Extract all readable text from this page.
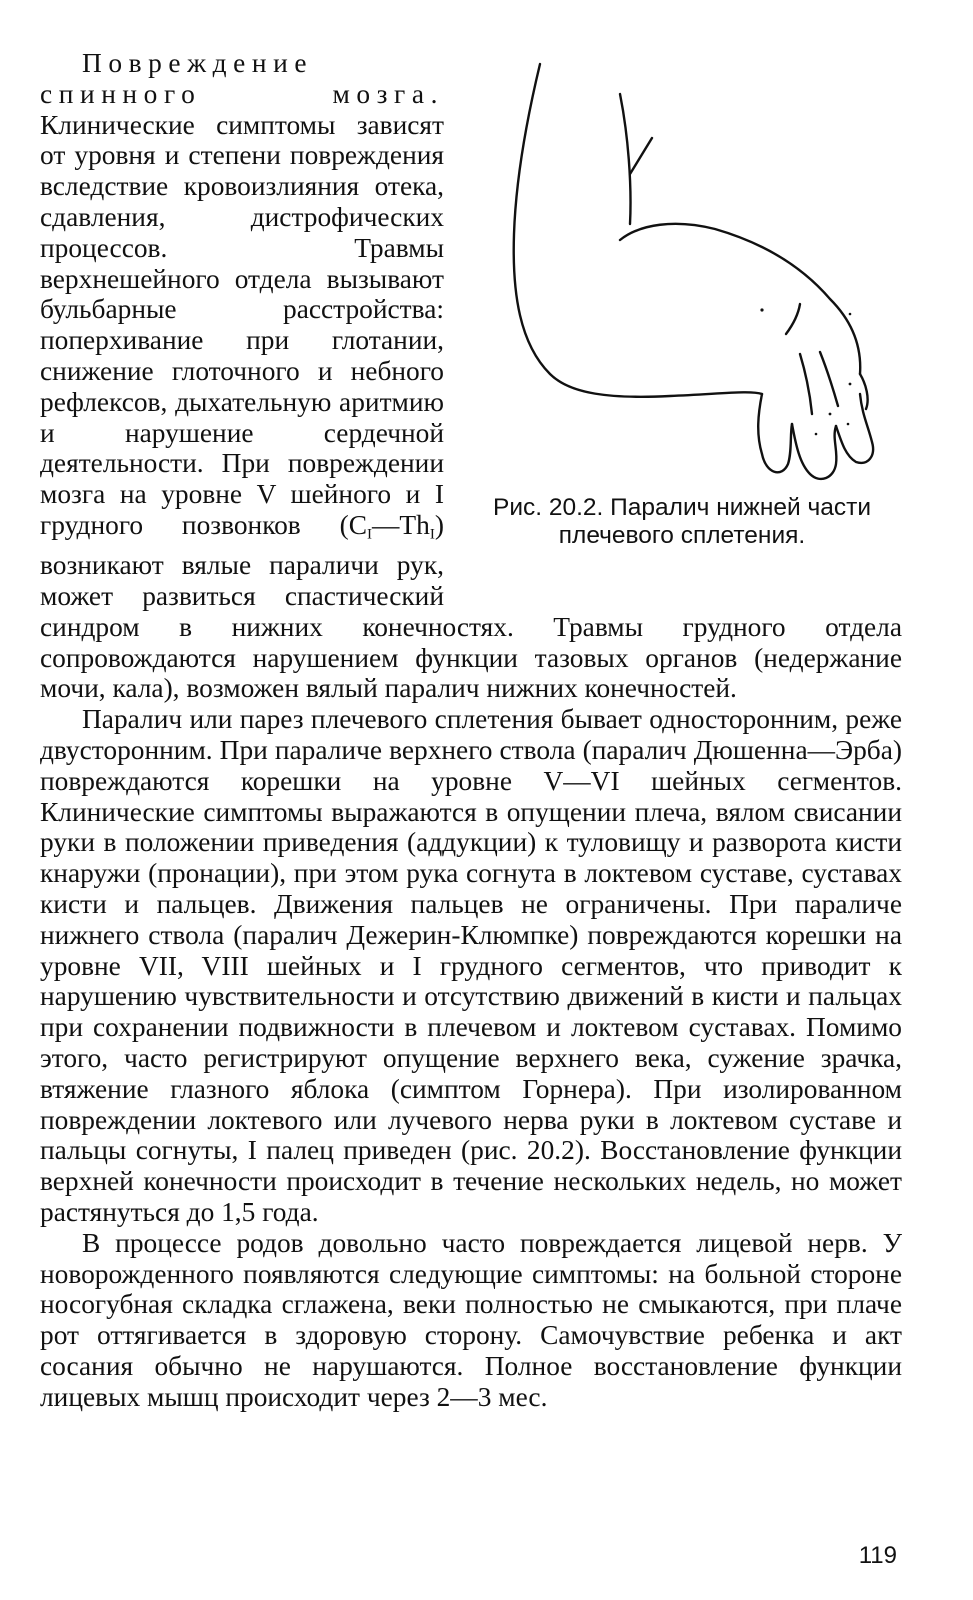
Рис. 20.2. Паралич нижней части
плечевого сплетения.

Повреждение спинного мозга. Клинические симптомы зависят от уровня и степени повреждения вследствие кровоизлияния отека, сдавления, дистрофических процессов. Травмы верхнешейного отдела вызывают бульбарные расстройства: поперхивание при глотании, снижение глоточного и небного рефлексов, дыхательную аритмию и нарушение сердечной деятельности. При повреждении мозга на уровне V шейного и I грудного позвонков $(C_I—Th_I)$ возникают вялые параличи рук, может развиться спастический синдром в нижних конечностях. Травмы грудного отдела сопровождаются нарушением функции тазовых органов (недержание мочи, кала), возможен вялый паралич нижних конечностей.

Паралич или парез плечевого сплетения бывает односторонним, реже двусторонним. При параличе верхнего ствола (паралич Дюшенна—Эрба) повреждаются корешки на уровне V—VI шейных сегментов. Клинические симптомы выражаются в опущении плеча, вялом свисании руки в положении приведения (аддукции) к туловищу и разворота кисти кнаружи (пронации), при этом рука согнута в локтевом суставе, суставах кисти и пальцев. Движения пальцев не ограничены. При параличе нижнего ствола (паралич Дежерин-Клюмпке) повреждаются корешки на уровне VII, VIII шейных и I грудного сегментов, что приводит к нарушению чувствительности и отсутствию движений в кисти и пальцах при сохранении подвижности в плечевом и локтевом суставах. Помимо этого, часто регистрируют опущение верхнего века, сужение зрачка, втяжение глазного яблока (симптом Горнера). При изолированном повреждении локтевого или лучевого нерва руки в локтевом суставе и пальцы согнуты, I палец приведен (рис. 20.2). Восстановление функции верхней конечности происходит в течение нескольких недель, но может растянуться до 1,5 года.

В процессе родов довольно часто повреждается лицевой нерв. У новорожденного появляются следующие симптомы: на больной стороне носогубная складка сглажена, веки полностью не смыкаются, при плаче рот оттягивается в здоровую сторону. Самочувствие ребенка и акт сосания обычно не нарушаются. Полное восстановление функции лицевых мышц происходит через 2—3 мес.

119
